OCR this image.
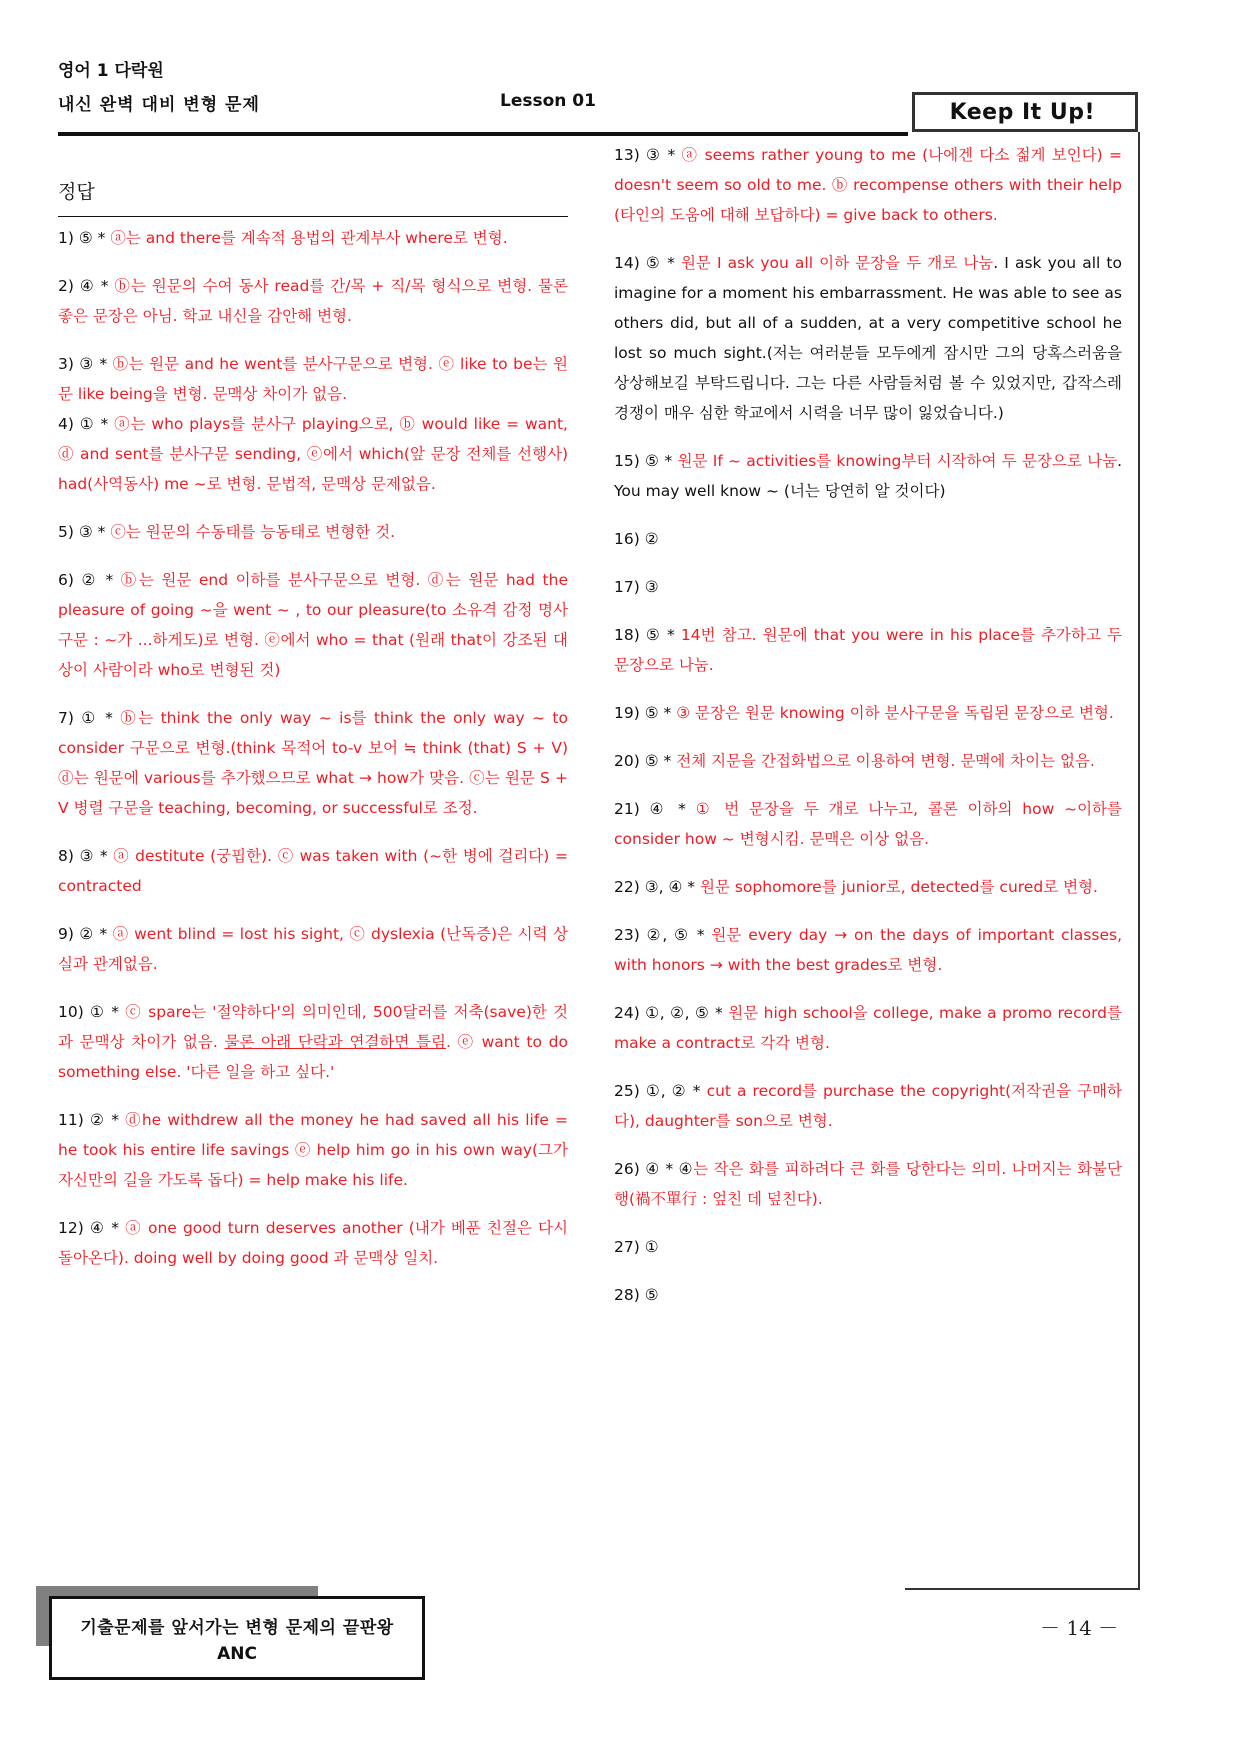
영어 1 다락원
내신 완벽 대비 변형 문제	Lesson 01	Keep It Up!
정답

1) ⑤ * ⓐ는 and there를 계속적 용법의 관계부사 where로 변형.

2) ④ * ⓑ는 원문의 수여 동사 read를 간/목 + 직/목 형식으로 변형. 물론 좋은 문장은 아님. 학교 내신을 감안해 변형.

3) ③ * ⓑ는 원문 and he went를 분사구문으로 변형. ⓔ like to be는 원문 like being을 변형. 문맥상 차이가 없음.

4) ① * ⓐ는 who plays를 분사구 playing으로, ⓑ would like = want, ⓓ and sent를 분사구문 sending, ⓔ에서 which(앞 문장 전체를 선행사) had(사역동사) me ~로 변형. 문법적, 문맥상 문제없음.

5) ③ * ⓒ는 원문의 수동태를 능동태로 변형한 것.

6) ② * ⓑ는 원문 end 이하를 분사구문으로 변형. ⓓ는 원문 had the pleasure of going ~을 went ~ , to our pleasure(to 소유격 감정 명사 구문 : ~가 ...하게도)로 변형. ⓔ에서 who = that (원래 that이 강조된 대상이 사람이라 who로 변형된 것)

7) ① * ⓑ는 think the only way ~ is를 think the only way ~ to consider 구문으로 변형.(think 목적어 to-v 보어 ≒ think (that) S + V) ⓓ는 원문에 various를 추가했으므로 what → how가 맞음. ⓒ는 원문 S + V 병렬 구문을 teaching, becoming, or successful로 조정.

8) ③ * ⓐ destitute (궁핍한). ⓒ was taken with (~한 병에 걸리다) = contracted

9) ② * ⓐ went blind = lost his sight, ⓒ dyslexia (난독증)은 시력 상실과 관계없음.

10) ① * ⓒ spare는 '절약하다'의 의미인데, 500달러를 저축(save)한 것과 문맥상 차이가 없음. 물론 아래 단락과 연결하면 틀림. ⓔ want to do something else. '다른 일을 하고 싶다.'

11) ② * ⓓhe withdrew all the money he had saved all his life = he took his entire life savings ⓔ help him go in his own way(그가 자신만의 길을 가도록 돕다) = help make his life.

12) ④ * ⓐ one good turn deserves another (내가 베푼 친절은 다시 돌아온다). doing well by doing good 과 문맥상 일치.

13) ③ * ⓐ seems rather young to me (나에겐 다소 젊게 보인다) = doesn't seem so old to me. ⓑ recompense others with their help (타인의 도움에 대해 보답하다) = give back to others.

14) ⑤ * 원문 I ask you all 이하 문장을 두 개로 나눔. I ask you all to imagine for a moment his embarrassment. He was able to see as others did, but all of a sudden, at a very competitive school he lost so much sight.(저는 여러분들 모두에게 잠시만 그의 당혹스러움을 상상해보길 부탁드립니다. 그는 다른 사람들처럼 볼 수 있었지만, 갑작스레 경쟁이 매우 심한 학교에서 시력을 너무 많이 잃었습니다.)

15) ⑤ * 원문 If ~ activities를 knowing부터 시작하여 두 문장으로 나눔. You may well know ~ (너는 당연히 알 것이다)

16) ②

17) ③

18) ⑤ * 14번 참고. 원문에 that you were in his place를 추가하고 두 문장으로 나눔.

19) ⑤ * ③ 문장은 원문 knowing 이하 분사구문을 독립된 문장으로 변형.

20) ⑤ * 전체 지문을 간접화법으로 이용하여 변형. 문맥에 차이는 없음.

21) ④ * ① 번 문장을 두 개로 나누고, 콜론 이하의 how ~이하를 consider how ~ 변형시킴. 문맥은 이상 없음.

22) ③, ④ * 원문 sophomore를 junior로, detected를 cured로 변형.

23) ②, ⑤ * 원문 every day → on the days of important classes, with honors → with the best grades로 변형.

24) ①, ②, ⑤ * 원문 high school을 college, make a promo record를 make a contract로 각각 변형.

25) ①, ② * cut a record를 purchase the copyright(저작권을 구매하다), daughter를 son으로 변형.

26) ④ * ④는 작은 화를 피하려다 큰 화를 당한다는 의미. 나머지는 화불단행(禍不單行 : 엎친 데 덮친다).

27) ①

28) ⑤

기출문제를 앞서가는 변형 문제의 끝판왕
ANC
－ 14 －
